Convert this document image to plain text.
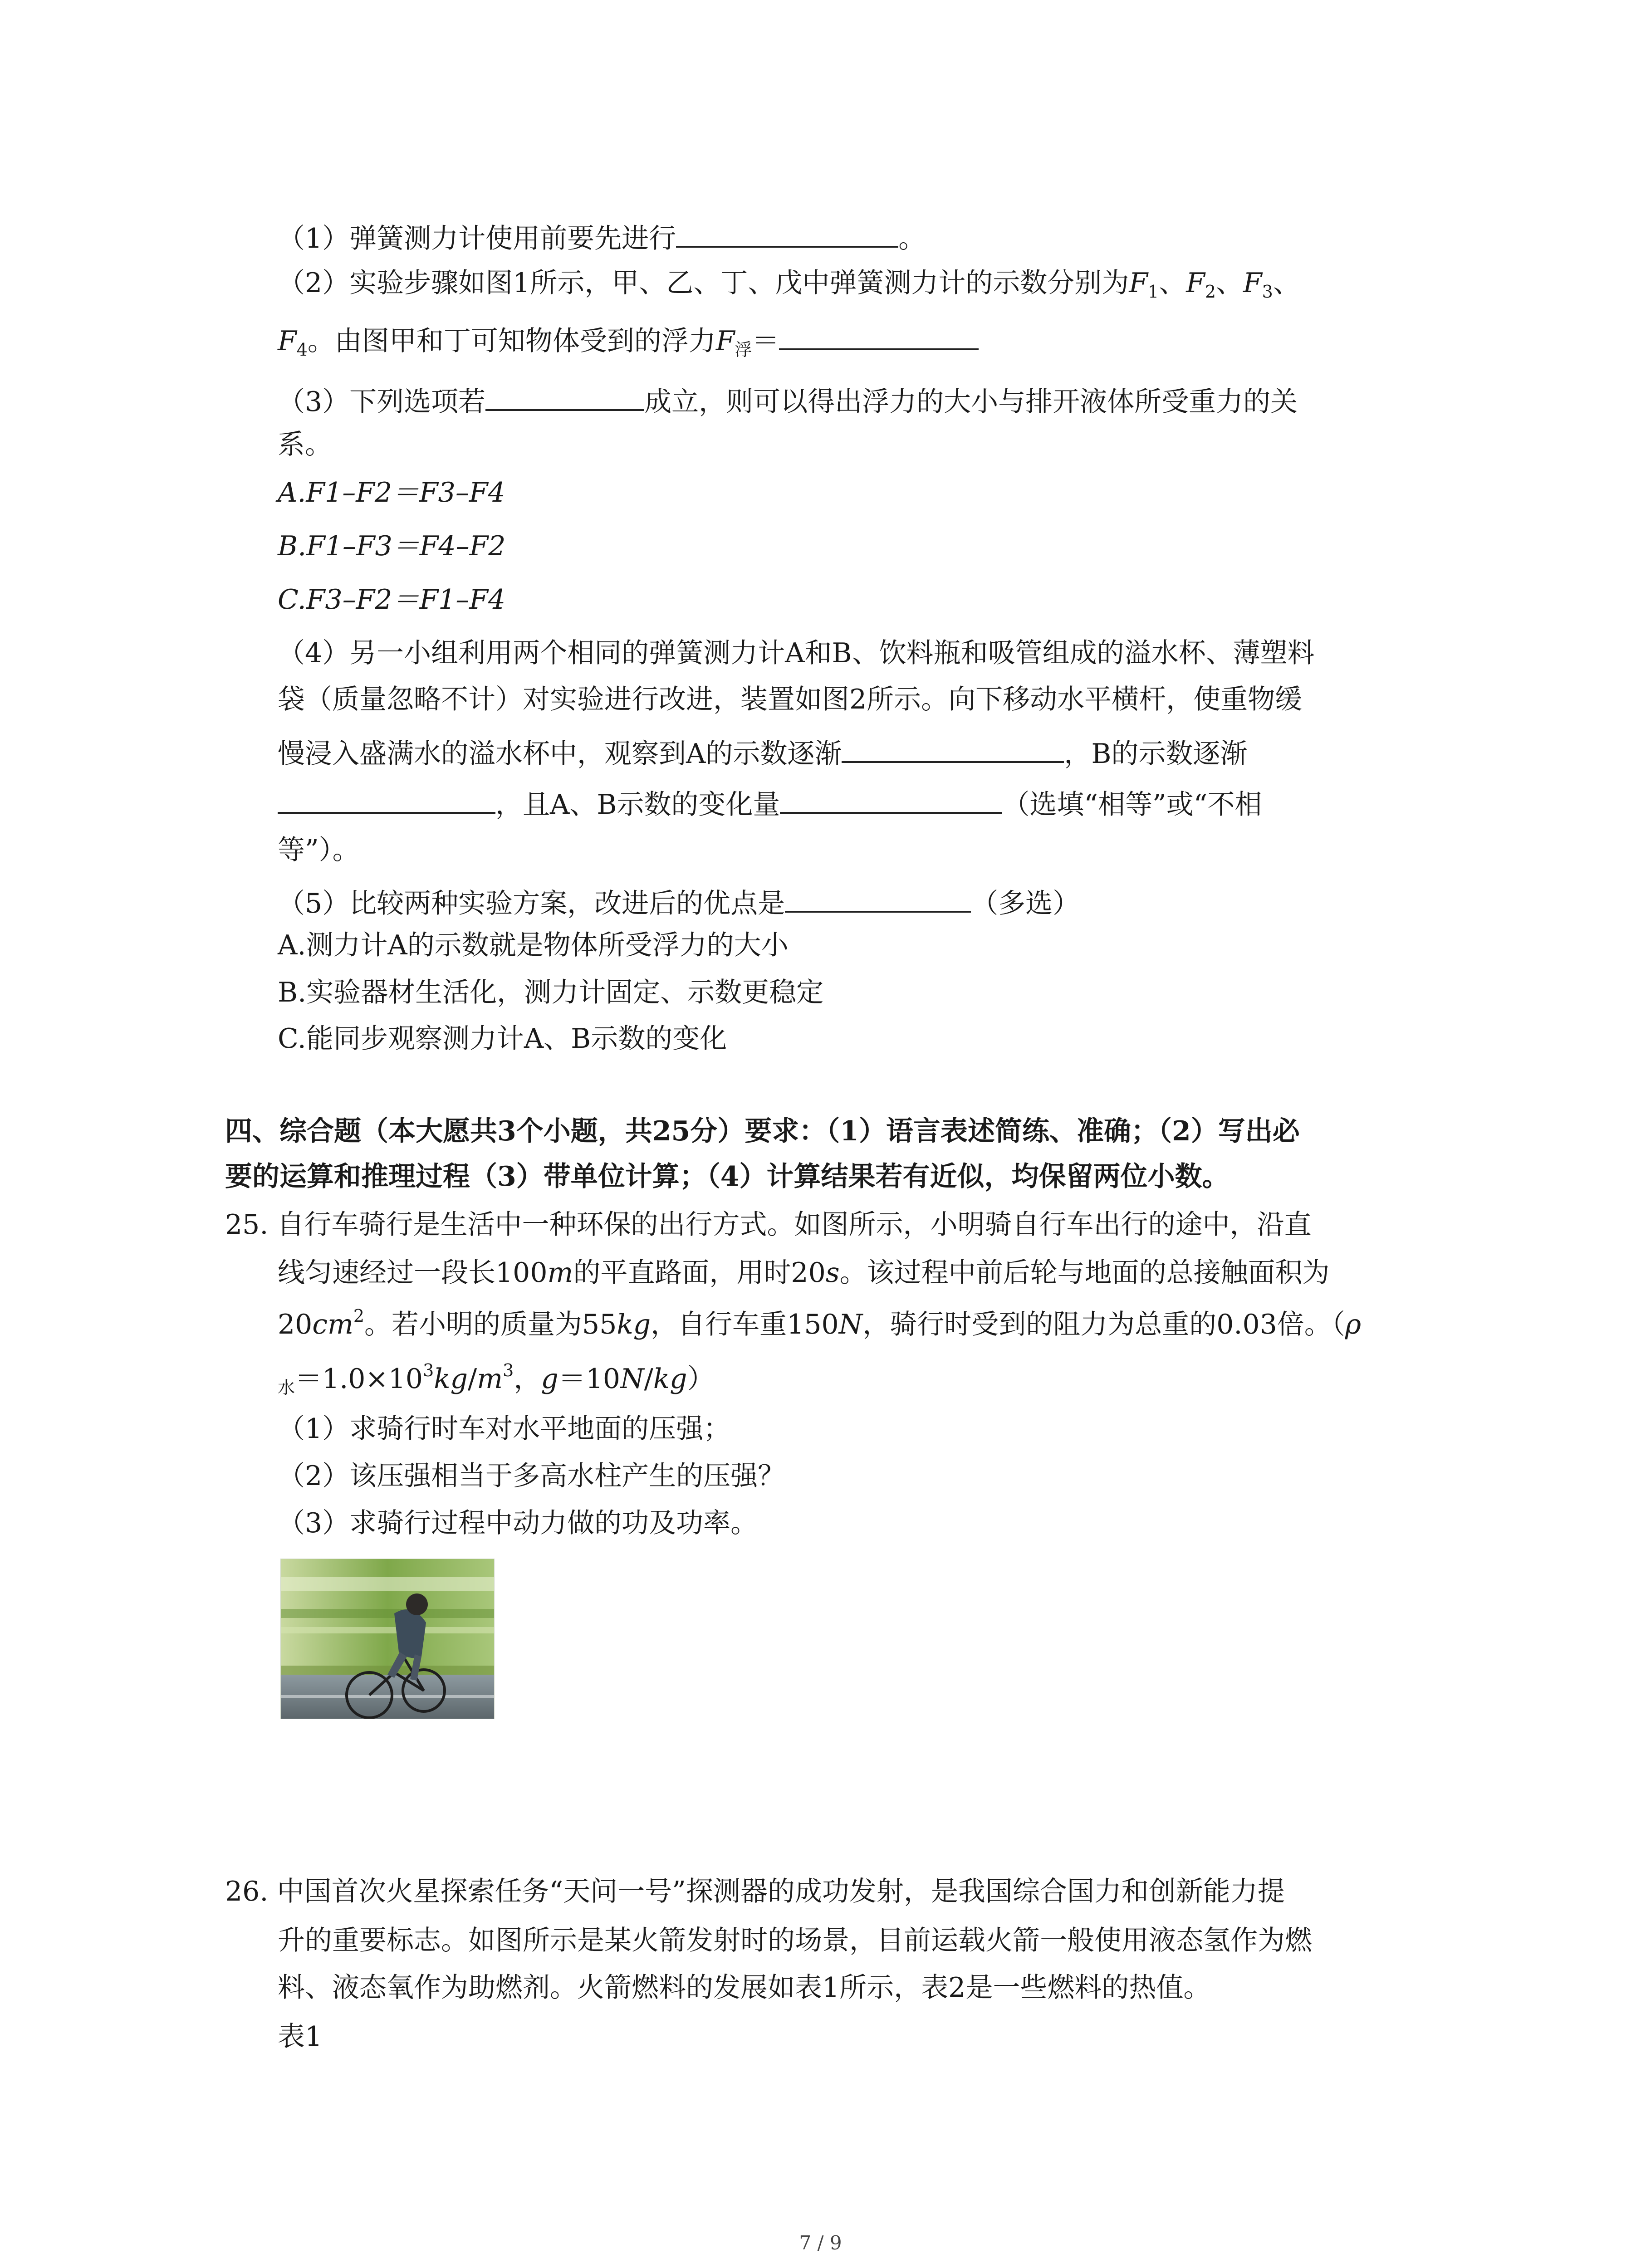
（1）弹簧测力计使用前要先进行	。
（2）实验步骤如图1所示，甲、乙、丁、戊中弹簧测力计的示数分别为$F_1$、$F_2$、$F_3$、
$F_4$。由图甲和丁可知物体受到的浮力$F_浮=$
（3）下列选项若	成立，则可以得出浮力的大小与排开液体所受重力的关
系。
A.F1–F2＝F3–F4
B.F1–F3＝F4–F2
C.F3–F2＝F1–F4
（4）另一小组利用两个相同的弹簧测力计A和B、饮料瓶和吸管组成的溢水杯、薄塑料
袋（质量忽略不计）对实验进行改进，装置如图2所示。向下移动水平横杆，使重物缓
慢浸入盛满水的溢水杯中，观察到A的示数逐渐	，B的示数逐渐
，且A、B示数的变化量	（选填“相等”或“不相
等”）。
（5）比较两种实验方案，改进后的优点是	（多选）
A.测力计A的示数就是物体所受浮力的大小
B.实验器材生活化，测力计固定、示数更稳定
C.能同步观察测力计A、B示数的变化
四、综合题（本大愿共3个小题，共25分）要求：（1）语言表述简练、准确；（2）写出必
要的运算和推理过程（3）带单位计算；（4）计算结果若有近似，均保留两位小数。
25. 自行车骑行是生活中一种环保的出行方式。如图所示，小明骑自行车出行的途中，沿直
线匀速经过一段长100m的平直路面，用时20s。该过程中前后轮与地面的总接触面积为
$20cm^2$。若小明的质量为55kg，自行车重150N，骑行时受到的阻力为总重的0.03倍。（ρ
$_水=1.0\times 10^3kg/m^3$，g＝10N/kg）
（1）求骑行时车对水平地面的压强；
（2）该压强相当于多高水柱产生的压强？
（3）求骑行过程中动力做的功及功率。
26. 中国首次火星探索任务“天问一号”探测器的成功发射，是我国综合国力和创新能力提
升的重要标志。如图所示是某火箭发射时的场景，目前运载火箭一般使用液态氢作为燃
料、液态氧作为助燃剂。火箭燃料的发展如表1所示，表2是一些燃料的热值。
表1
7 / 9
